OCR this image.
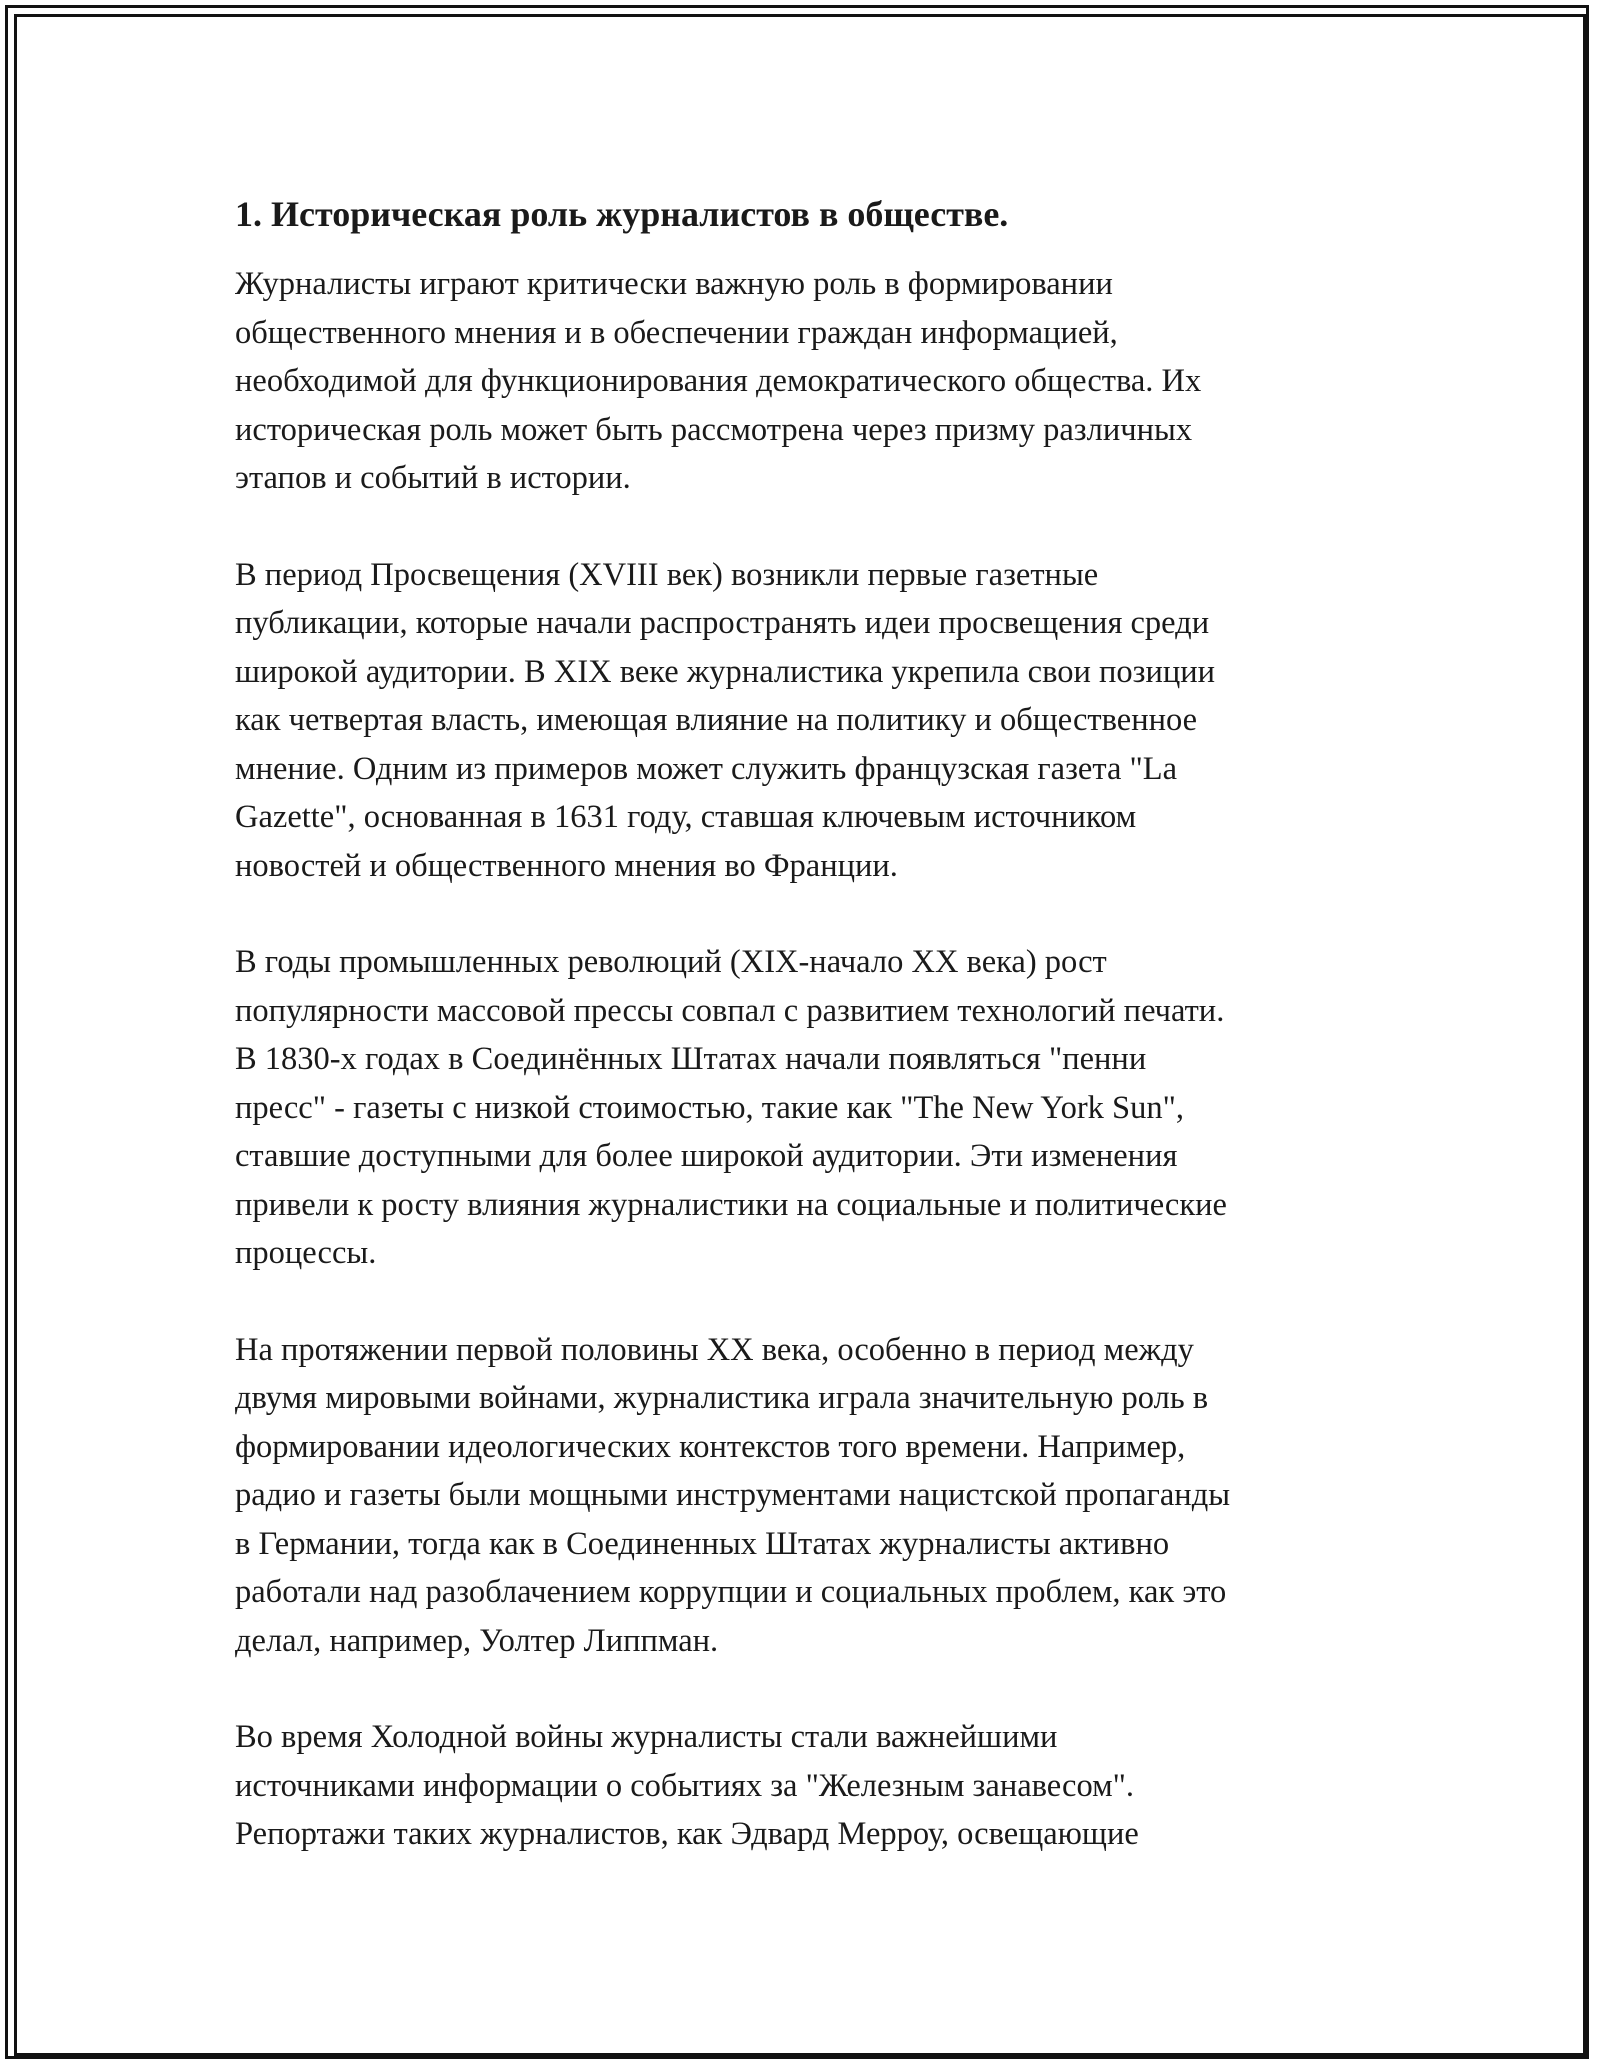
1. Историческая роль журналистов в обществе.

Журналисты играют критически важную роль в формировании
общественного мнения и в обеспечении граждан информацией,
необходимой для функционирования демократического общества. Их
историческая роль может быть рассмотрена через призму различных
этапов и событий в истории.

В период Просвещения (XVIII век) возникли первые газетные
публикации, которые начали распространять идеи просвещения среди
широкой аудитории. В XIX веке журналистика укрепила свои позиции
как четвертая власть, имеющая влияние на политику и общественное
мнение. Одним из примеров может служить французская газета "La
Gazette", основанная в 1631 году, ставшая ключевым источником
новостей и общественного мнения во Франции.

В годы промышленных революций (XIX-начало XX века) рост
популярности массовой прессы совпал с развитием технологий печати.
В 1830-х годах в Соединённых Штатах начали появляться "пенни
пресс" - газеты с низкой стоимостью, такие как "The New York Sun",
ставшие доступными для более широкой аудитории. Эти изменения
привели к росту влияния журналистики на социальные и политические
процессы.

На протяжении первой половины XX века, особенно в период между
двумя мировыми войнами, журналистика играла значительную роль в
формировании идеологических контекстов того времени. Например,
радио и газеты были мощными инструментами нацистской пропаганды
в Германии, тогда как в Соединенных Штатах журналисты активно
работали над разоблачением коррупции и социальных проблем, как это
делал, например, Уолтер Липпман.

Во время Холодной войны журналисты стали важнейшими
источниками информации о событиях за "Железным занавесом".
Репортажи таких журналистов, как Эдвард Мерроу, освещающие
